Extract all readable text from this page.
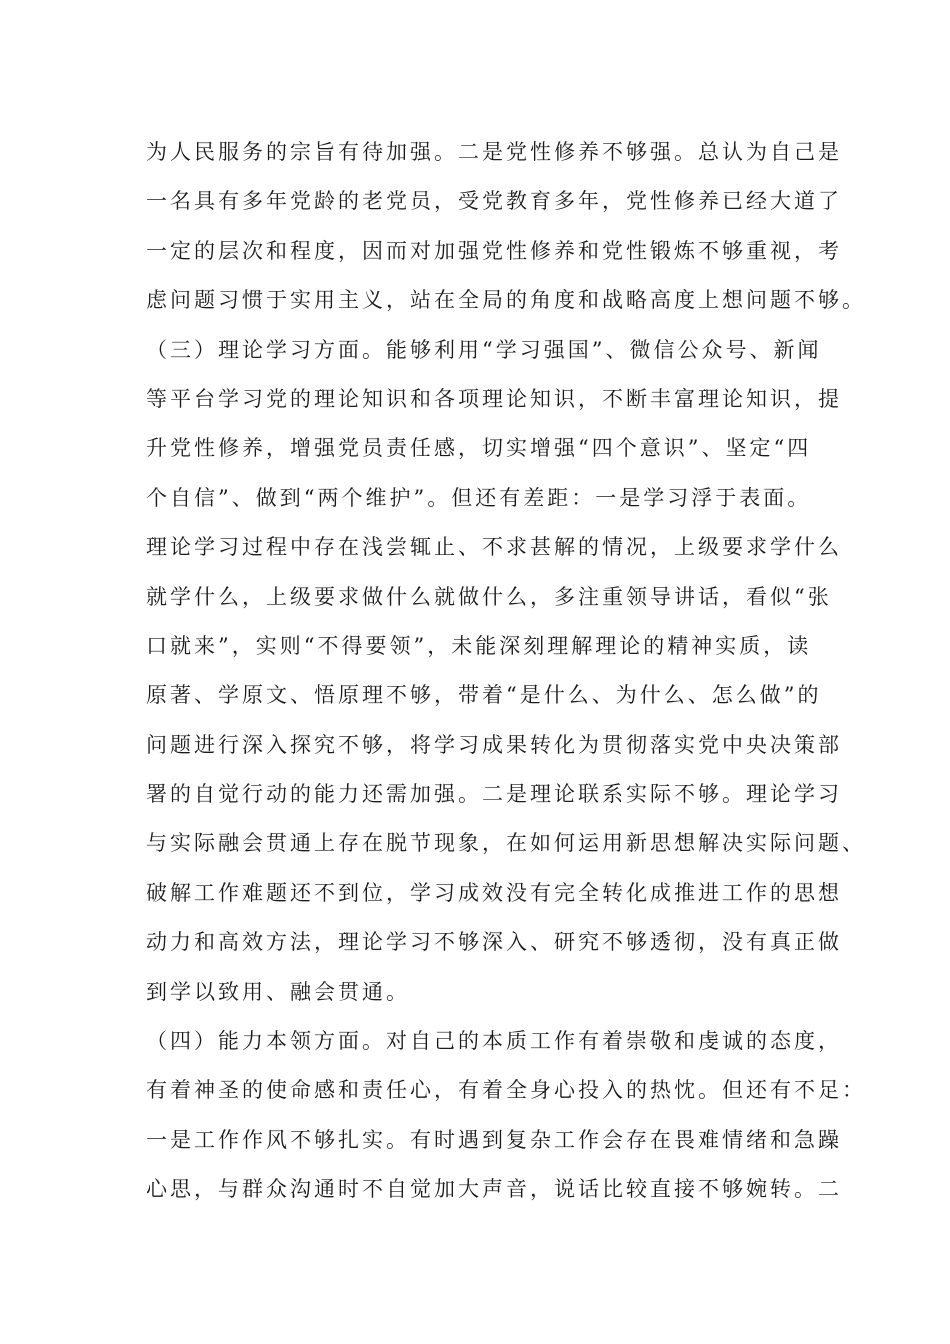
为人民服务的宗旨有待加强。二是党性修养不够强。总认为自己是
一名具有多年党龄的老党员，受党教育多年，党性修养已经大道了
一定的层次和程度，因而对加强党性修养和党性锻炼不够重视，考
虑问题习惯于实用主义，站在全局的角度和战略高度上想问题不够。
（三）理论学习方面。能够利用“学习强国”、微信公众号、新闻
等平台学习党的理论知识和各项理论知识，不断丰富理论知识，提
升党性修养，增强党员责任感，切实增强“四个意识”、坚定“四
个自信”、做到“两个维护”。但还有差距：一是学习浮于表面。
理论学习过程中存在浅尝辄止、不求甚解的情况，上级要求学什么
就学什么，上级要求做什么就做什么，多注重领导讲话，看似“张
口就来”，实则“不得要领”，未能深刻理解理论的精神实质，读
原著、学原文、悟原理不够，带着“是什么、为什么、怎么做”的
问题进行深入探究不够，将学习成果转化为贯彻落实党中央决策部
署的自觉行动的能力还需加强。二是理论联系实际不够。理论学习
与实际融会贯通上存在脱节现象，在如何运用新思想解决实际问题、
破解工作难题还不到位，学习成效没有完全转化成推进工作的思想
动力和高效方法，理论学习不够深入、研究不够透彻，没有真正做
到学以致用、融会贯通。
（四）能力本领方面。对自己的本质工作有着崇敬和虔诚的态度，
有着神圣的使命感和责任心，有着全身心投入的热忱。但还有不足：
一是工作作风不够扎实。有时遇到复杂工作会存在畏难情绪和急躁
心思，与群众沟通时不自觉加大声音，说话比较直接不够婉转。二
